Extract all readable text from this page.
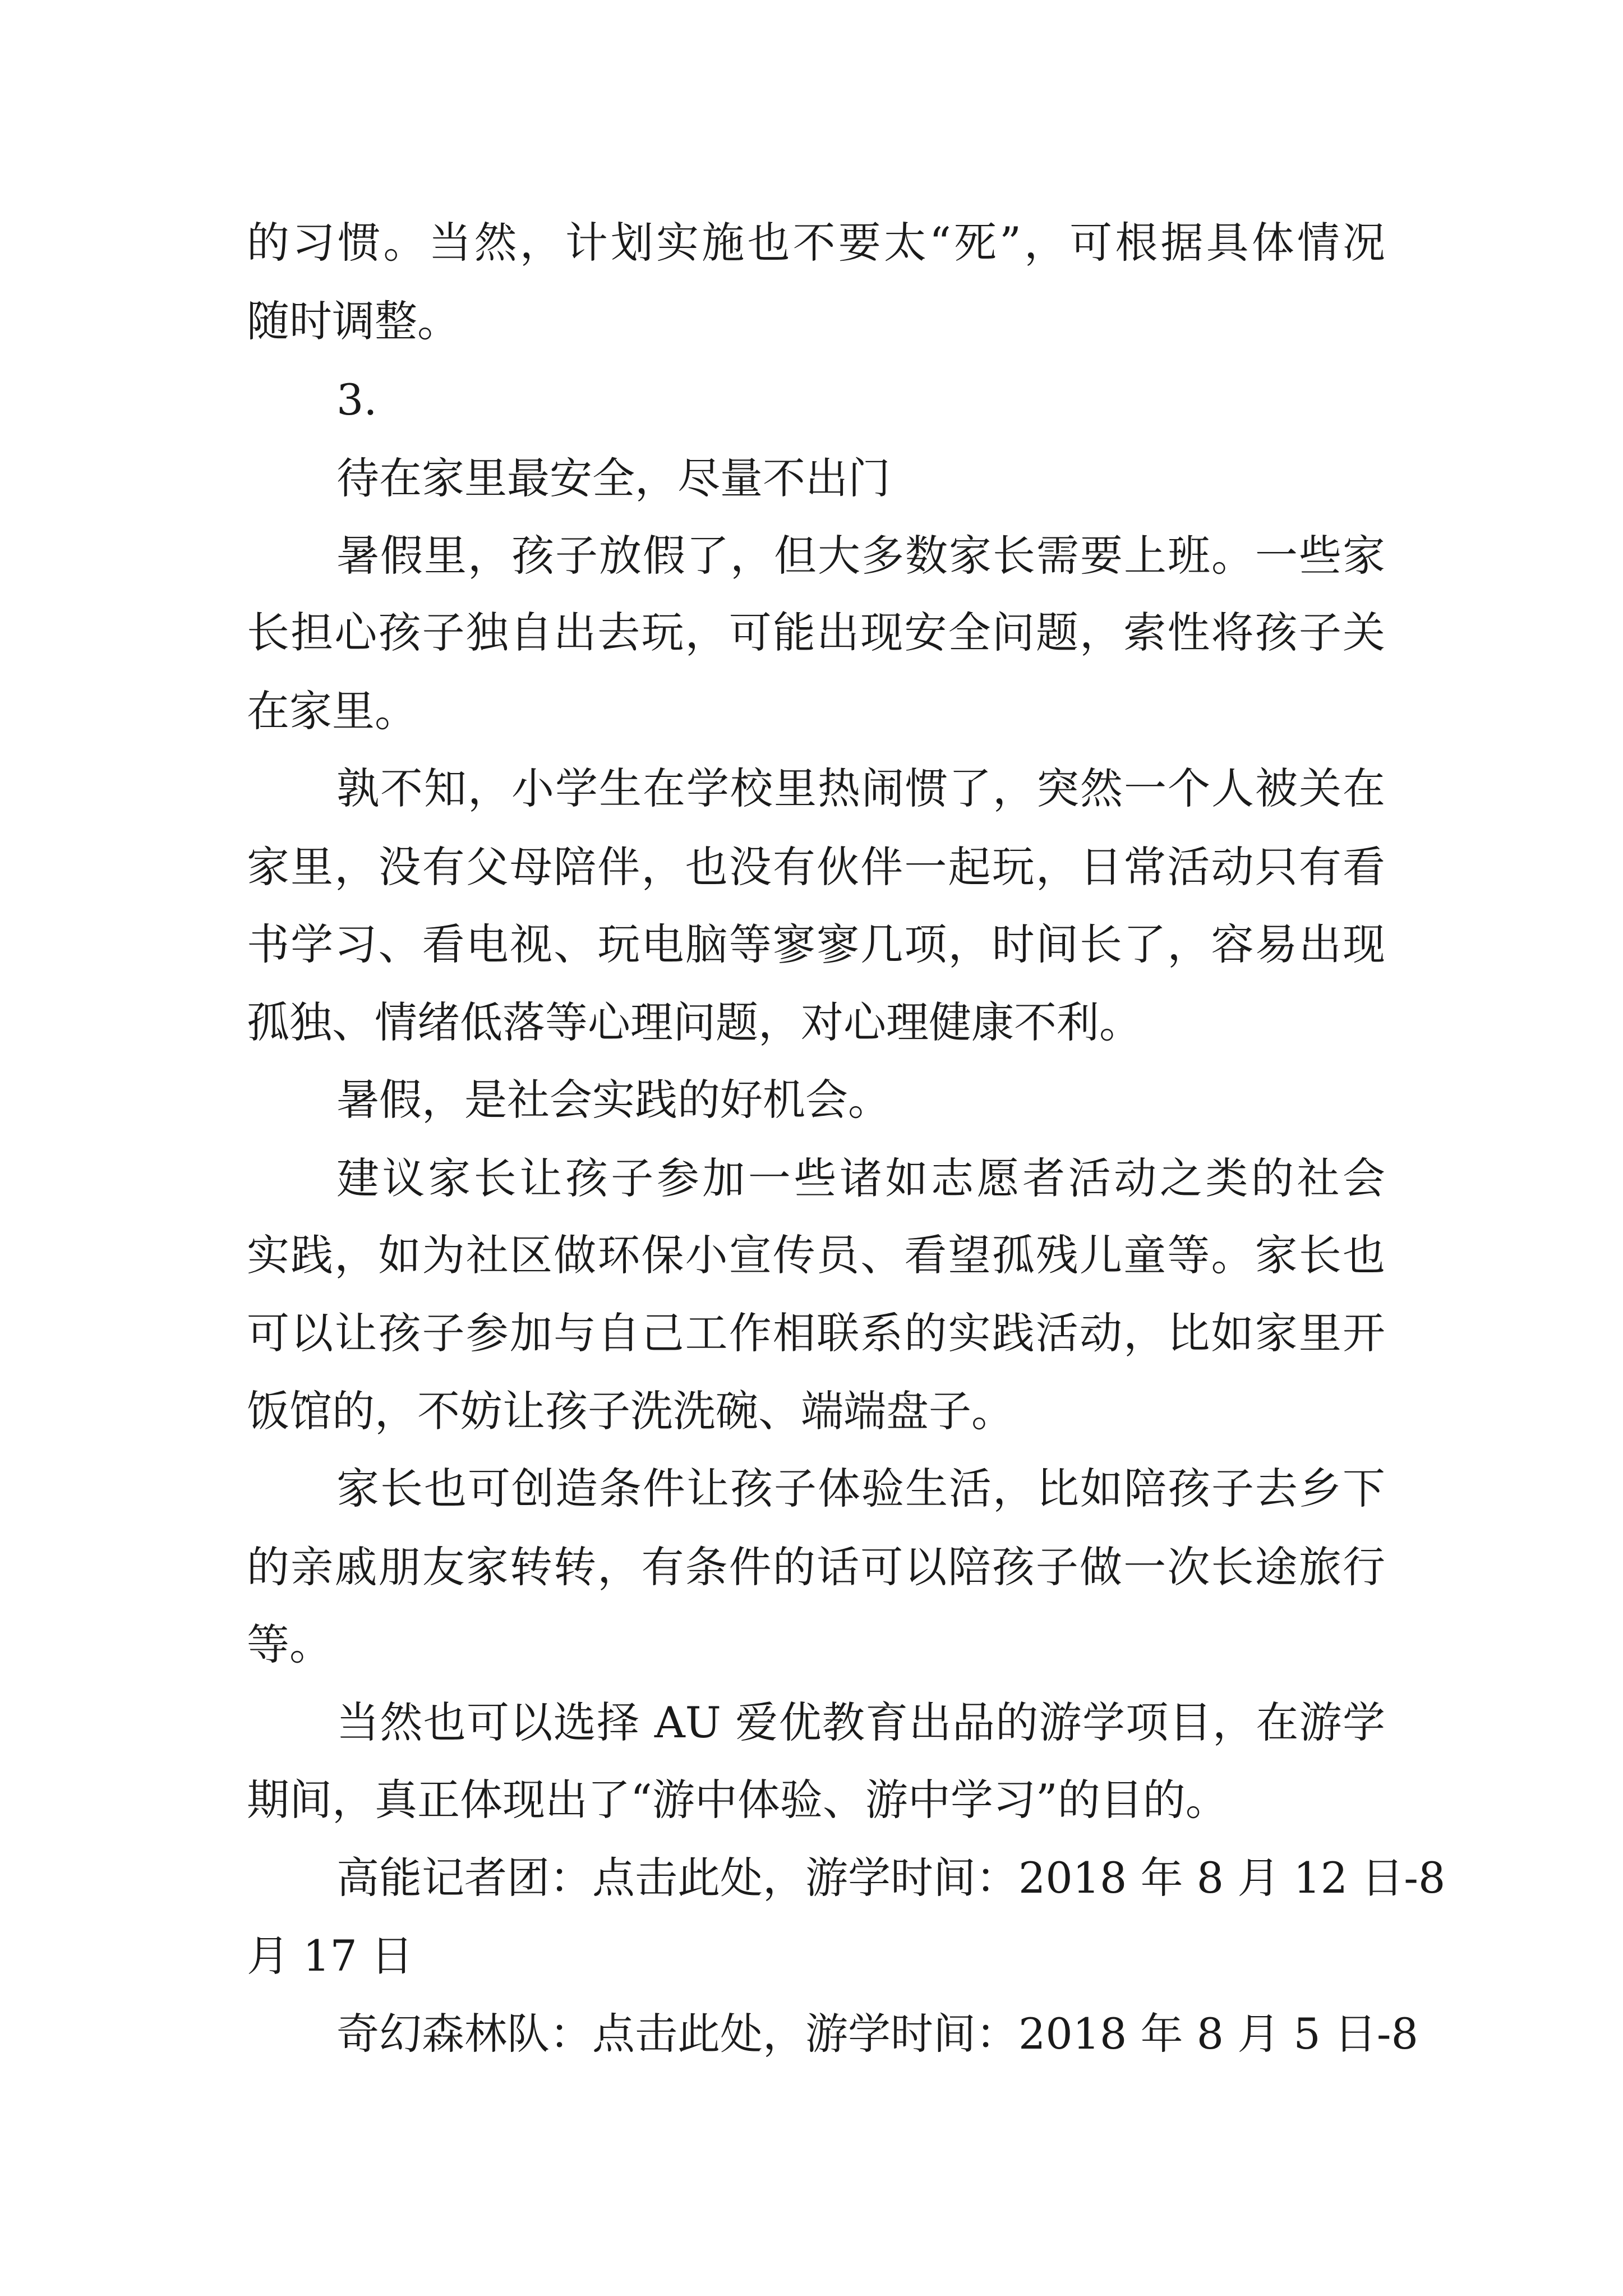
的习惯。当然，计划实施也不要太“死”，可根据具体情况
随时调整。
3.
待在家里最安全，尽量不出门
暑假里，孩子放假了，但大多数家长需要上班。一些家
长担心孩子独自出去玩，可能出现安全问题，索性将孩子关
在家里。
孰不知，小学生在学校里热闹惯了，突然一个人被关在
家里，没有父母陪伴，也没有伙伴一起玩，日常活动只有看
书学习、看电视、玩电脑等寥寥几项，时间长了，容易出现
孤独、情绪低落等心理问题，对心理健康不利。
暑假，是社会实践的好机会。
建议家长让孩子参加一些诸如志愿者活动之类的社会
实践，如为社区做环保小宣传员、看望孤残儿童等。家长也
可以让孩子参加与自己工作相联系的实践活动，比如家里开
饭馆的，不妨让孩子洗洗碗、端端盘子。
家长也可创造条件让孩子体验生活，比如陪孩子去乡下
的亲戚朋友家转转，有条件的话可以陪孩子做一次长途旅行
等。
当然也可以选择 AU 爱优教育出品的游学项目，在游学
期间，真正体现出了“游中体验、游中学习”的目的。
高能记者团：点击此处，游学时间：2018 年 8 月 12 日-8
月 17 日
奇幻森林队：点击此处，游学时间：2018 年 8 月 5 日-8
